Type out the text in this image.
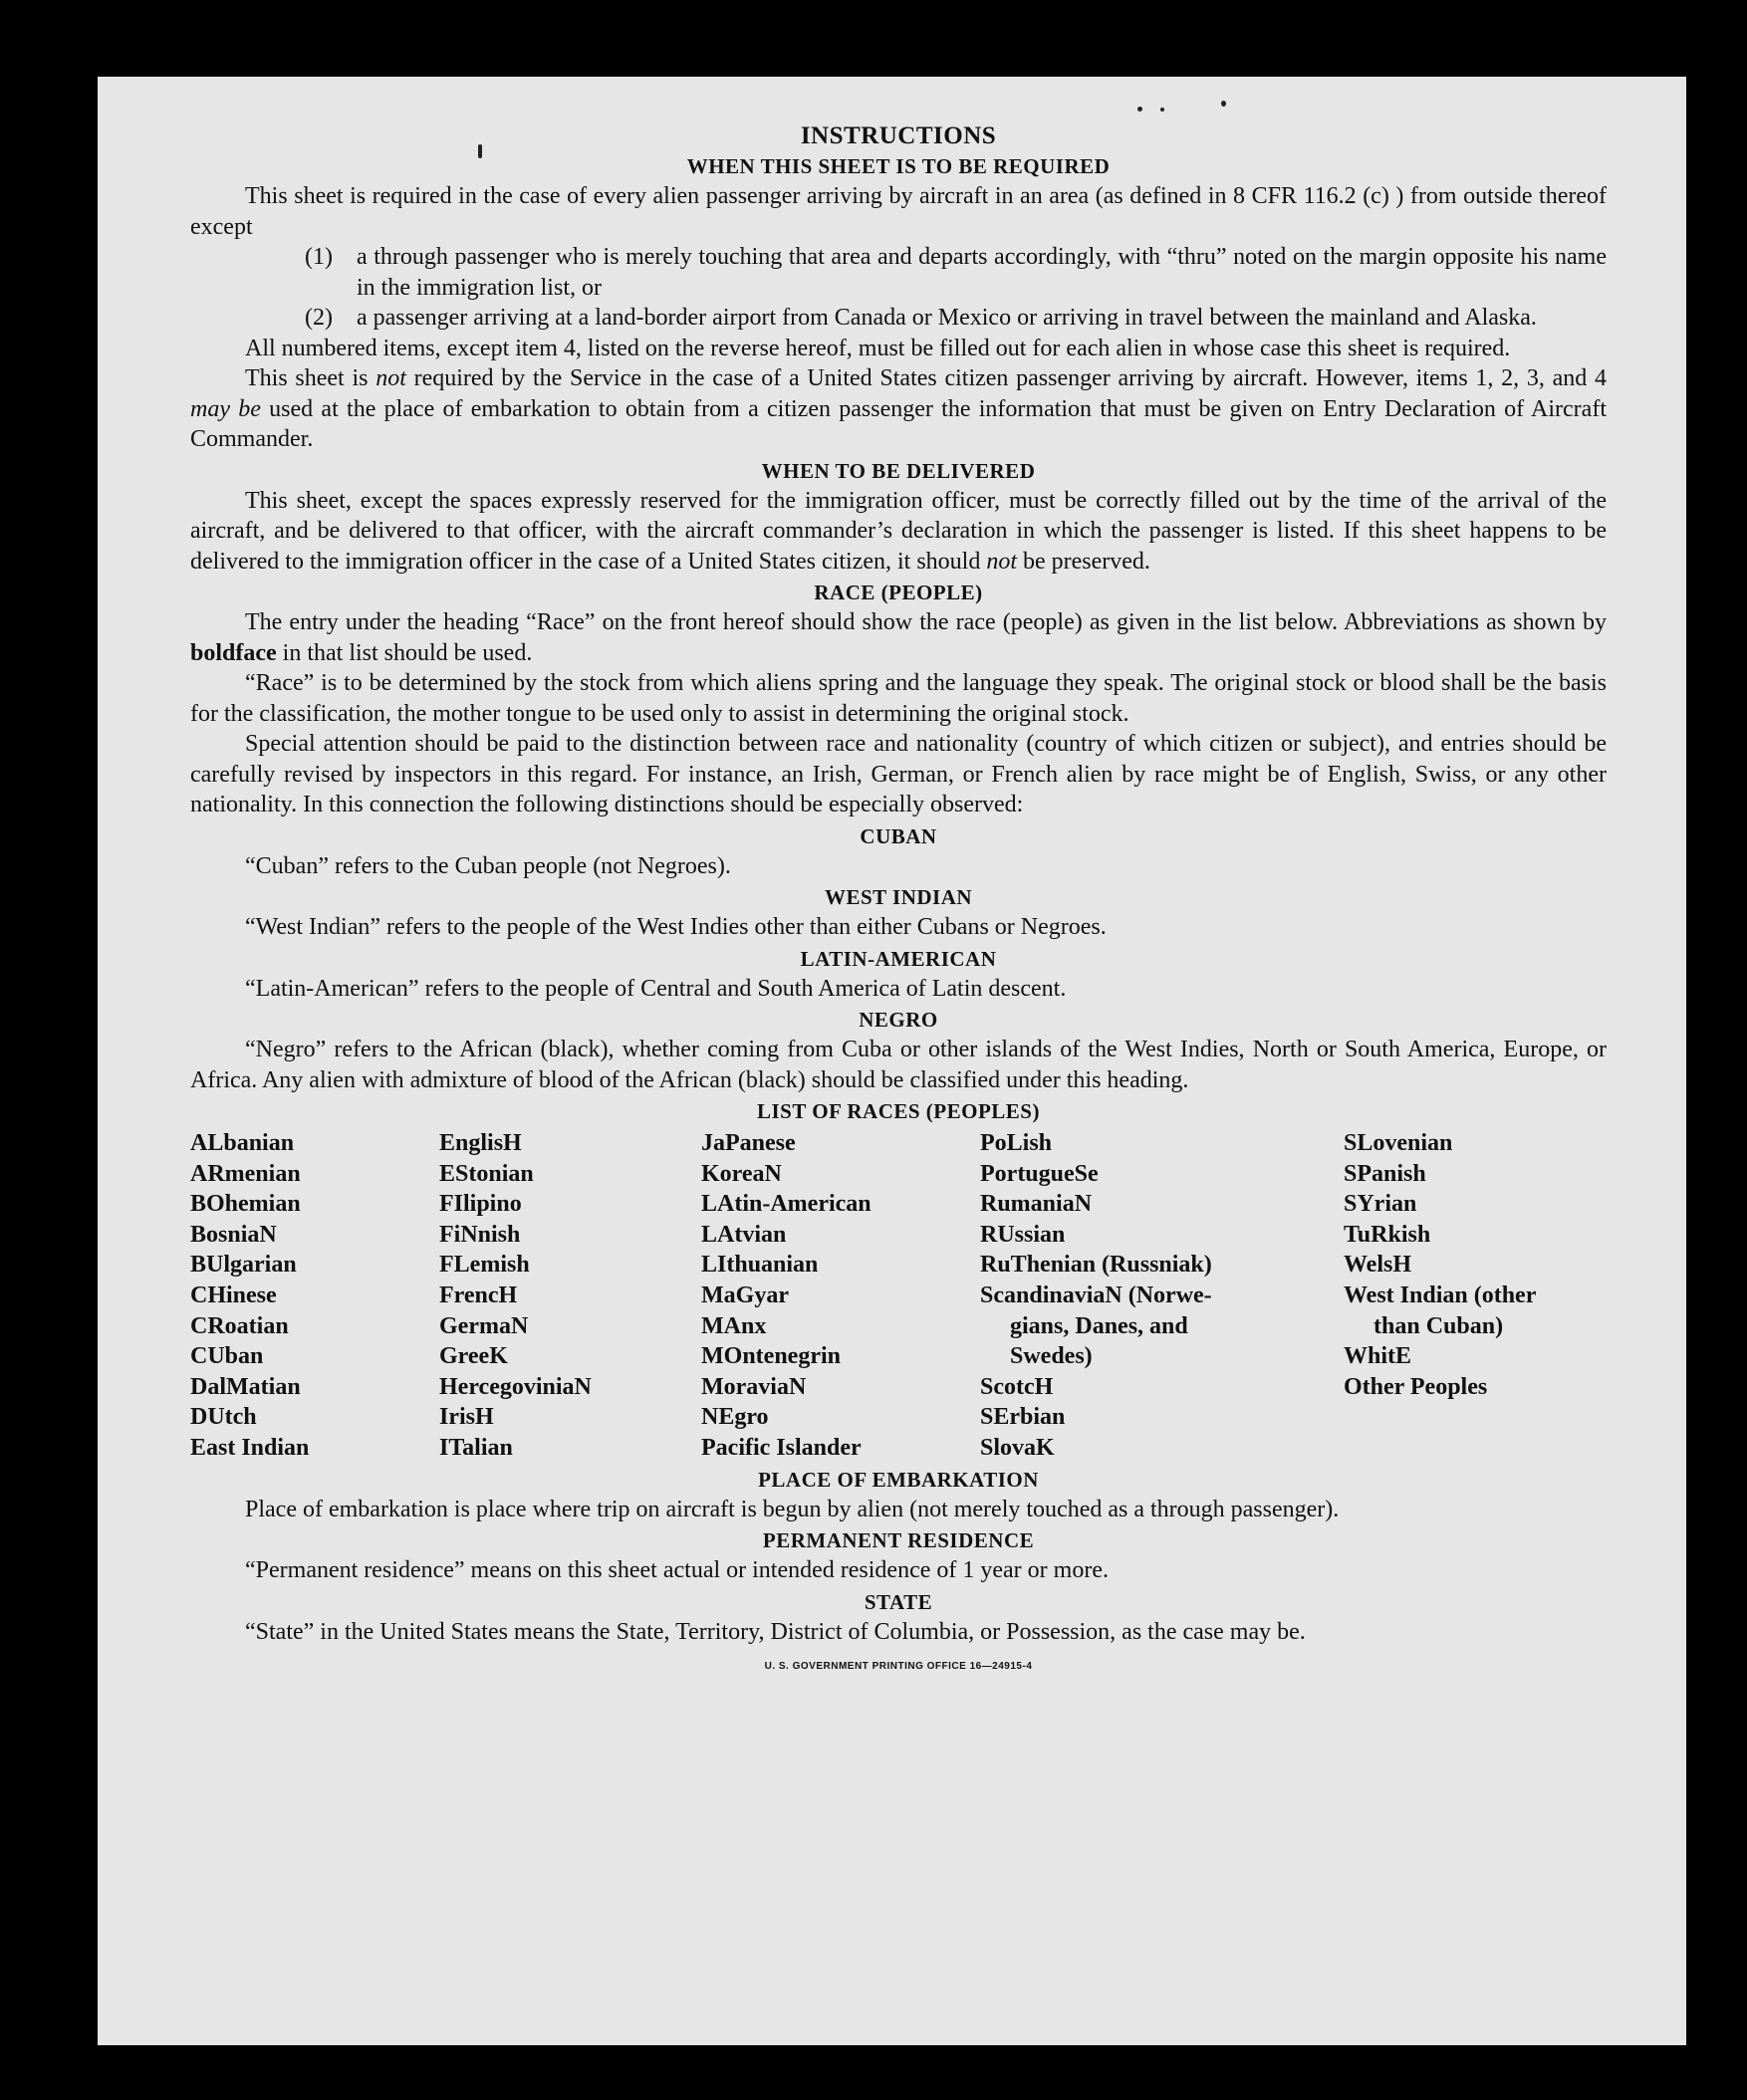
INSTRUCTIONS
WHEN THIS SHEET IS TO BE REQUIRED

This sheet is required in the case of every alien passenger arriving by aircraft in an area (as defined in 8 CFR 116.2 (c) ) from outside thereof except

(1)	a through passenger who is merely touching that area and departs accordingly, with “thru” noted on the margin opposite his name in the immigration list, or
(2)	a passenger arriving at a land-border airport from Canada or Mexico or arriving in travel between the mainland and Alaska.

All numbered items, except item 4, listed on the reverse hereof, must be filled out for each alien in whose case this sheet is required.

This sheet is not required by the Service in the case of a United States citizen passenger arriving by aircraft. However, items 1, 2, 3, and 4 may be used at the place of embarkation to obtain from a citizen passenger the information that must be given on Entry Declaration of Aircraft Commander.

WHEN TO BE DELIVERED

This sheet, except the spaces expressly reserved for the immigration officer, must be correctly filled out by the time of the arrival of the aircraft, and be delivered to that officer, with the aircraft commander’s declaration in which the passenger is listed. If this sheet happens to be delivered to the immigration officer in the case of a United States citizen, it should not be preserved.

RACE (PEOPLE)

The entry under the heading “Race” on the front hereof should show the race (people) as given in the list below. Abbreviations as shown by boldface in that list should be used.

“Race” is to be determined by the stock from which aliens spring and the language they speak. The original stock or blood shall be the basis for the classification, the mother tongue to be used only to assist in determining the original stock.

Special attention should be paid to the distinction between race and nationality (country of which citizen or subject), and entries should be carefully revised by inspectors in this regard. For instance, an Irish, German, or French alien by race might be of English, Swiss, or any other nationality. In this connection the following distinctions should be especially observed:

CUBAN

“Cuban” refers to the Cuban people (not Negroes).

WEST INDIAN

“West Indian” refers to the people of the West Indies other than either Cubans or Negroes.

LATIN-AMERICAN

“Latin-American” refers to the people of Central and South America of Latin descent.

NEGRO

“Negro” refers to the African (black), whether coming from Cuba or other islands of the West Indies, North or South America, Europe, or Africa. Any alien with admixture of blood of the African (black) should be classified under this heading.

LIST OF RACES (PEOPLES)
ALbanian
ARmenian
BOhemian
BosniaN
BUlgarian
CHinese
CRoatian
CUban
DalMatian
DUtch
East Indian
EnglisH
EStonian
FIlipino
FiNnish
FLemish
FrencH
GermaN
GreeK
HercegoviniaN
IrisH
ITalian
JaPanese
KoreaN
LAtin-American
LAtvian
LIthuanian
MaGyar
MAnx
MOntenegrin
MoraviaN
NEgro
Pacific Islander
PoLish
PortugueSe
RumaniaN
RUssian
RuThenian (Russniak)
ScandinaviaN (Norwe-
gians, Danes, and
Swedes)
ScotcH
SErbian
SlovaK
SLovenian
SPanish
SYrian
TuRkish
WelsH
West Indian (other
than Cuban)
WhitE
Other Peoples
PLACE OF EMBARKATION

Place of embarkation is place where trip on aircraft is begun by alien (not merely touched as a through passenger).

PERMANENT RESIDENCE

“Permanent residence” means on this sheet actual or intended residence of 1 year or more.

STATE

“State” in the United States means the State, Territory, District of Columbia, or Possession, as the case may be.

U. S. GOVERNMENT PRINTING OFFICE 16—24915-4
